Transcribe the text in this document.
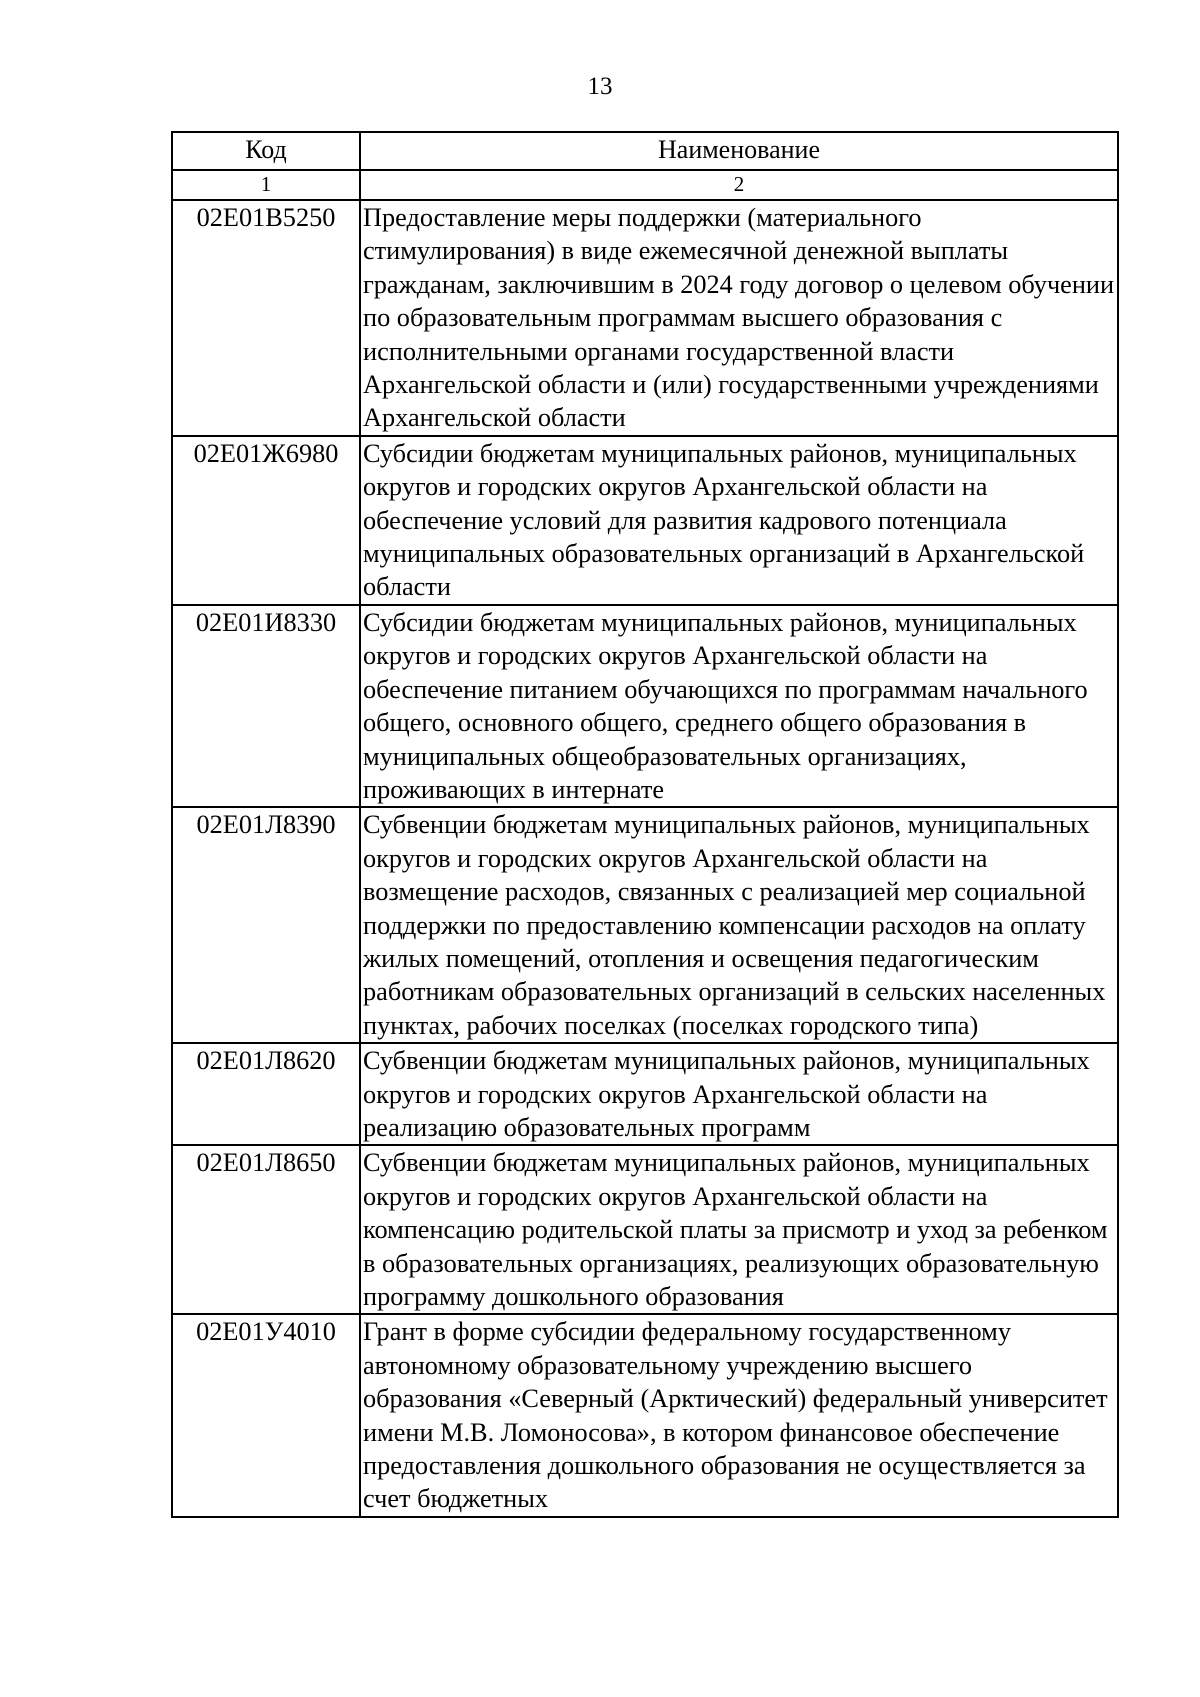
13
Код	Наименование
1	2
02Е01В5250	Предоставление меры поддержки (материального стимулирования) в виде ежемесячной денежной выплаты гражданам, заключившим в 2024 году договор о целевом обучении по образовательным программам высшего образования с исполнительными органами государственной власти Архангельской области и (или) государственными учреждениями Архангельской области
02Е01Ж6980	Субсидии бюджетам муниципальных районов, муниципальных округов и городских округов Архангельской области на обеспечение условий для развития кадрового потенциала муниципальных образовательных организаций в Архангельской области
02Е01И8330	Субсидии бюджетам муниципальных районов, муниципальных округов и городских округов Архангельской области на обеспечение питанием обучающихся по программам начального общего, основного общего, среднего общего образования в муниципальных общеобразовательных организациях, проживающих в интернате
02Е01Л8390	Субвенции бюджетам муниципальных районов, муниципальных округов и городских округов Архангельской области на возмещение расходов, связанных с реализацией мер социальной поддержки по предоставлению компенсации расходов на оплату жилых помещений, отопления и освещения педагогическим работникам образовательных организаций в сельских населенных пунктах, рабочих поселках (поселках городского типа)
02Е01Л8620	Субвенции бюджетам муниципальных районов, муниципальных округов и городских округов Архангельской области на реализацию образовательных программ
02Е01Л8650	Субвенции бюджетам муниципальных районов, муниципальных округов и городских округов Архангельской области на компенсацию родительской платы за присмотр и уход за ребенком в образовательных организациях, реализующих образовательную программу дошкольного образования
02Е01У4010	Грант в форме субсидии федеральному государственному автономному образовательному учреждению высшего образования «Северный (Арктический) федеральный университет имени М.В. Ломоносова», в котором финансовое обеспечение предоставления дошкольного образования не осуществляется за счет бюджетных
